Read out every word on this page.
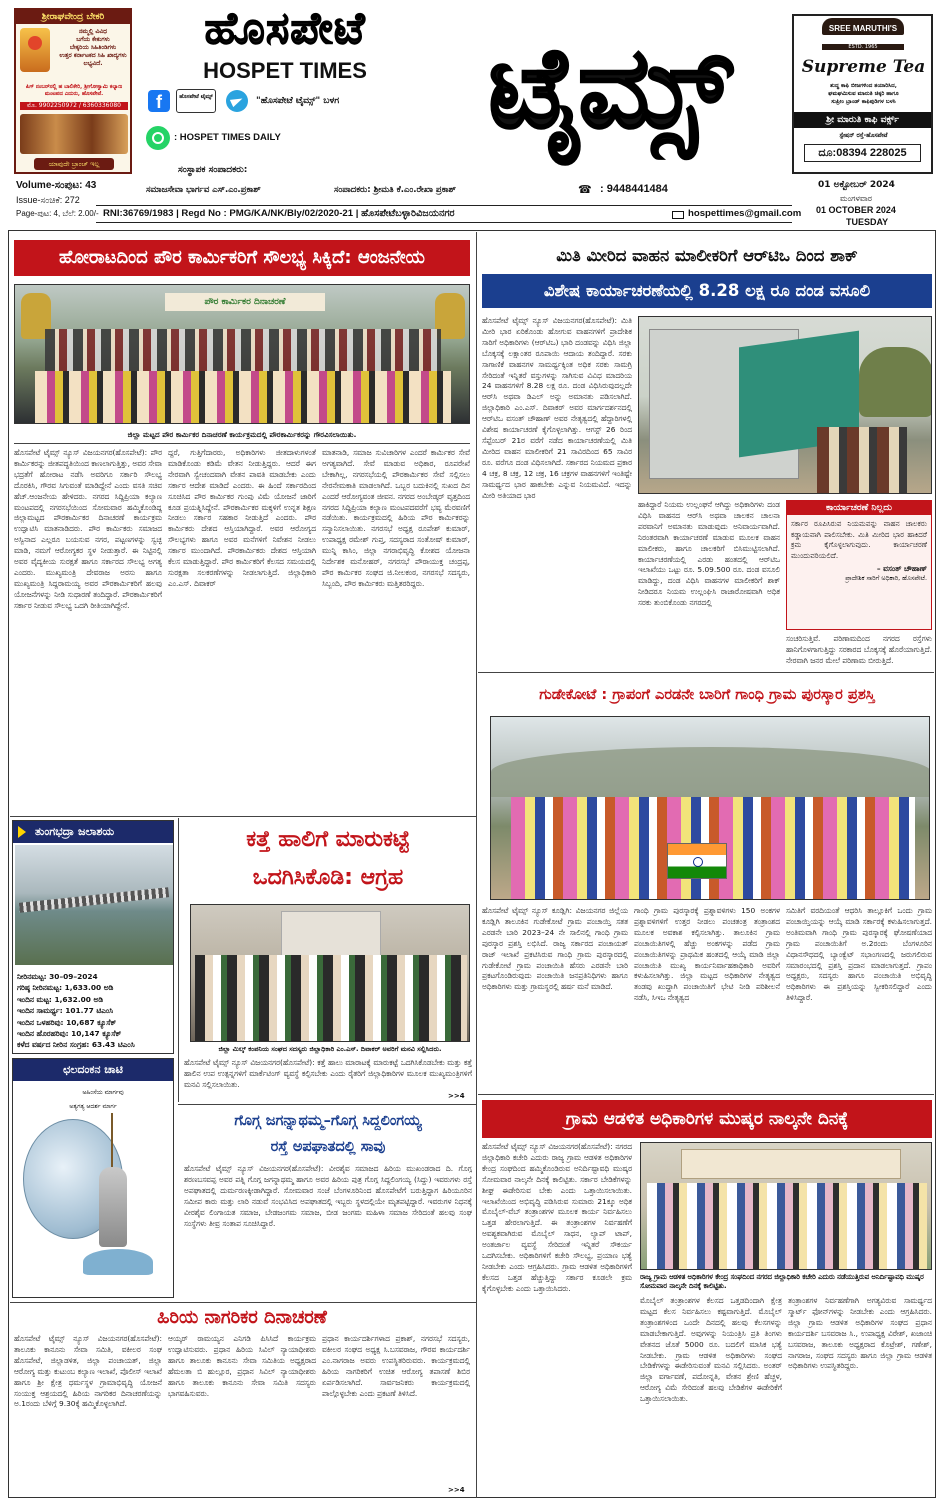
ಶ್ರೀರಾಘವೇಂದ್ರ ಬೇಕರಿ
ನಮ್ಮಲ್ಲಿ ವಿವಿಧ
ಬಗೆಯ ಕೇಕುಗಳು
ಬೇಕ್ಕರಿಯ ಸಿಹಿತಿಂಡಿಗಳು
ಉತ್ತರ ಕರ್ನಾಟಕದ ಸಿಹಿ ಖಾದ್ಯಗಳು ಲಭ್ಯವಿದೆ.
ಪಿಗ್ ನಂಬರ್‌ನಲ್ಲಿ ಹ ಬಾಲಿಕೇರಿ, ಶ್ರೀಗೋಸ್ವಾಮಿ ಕಲ್ಯಾಣ ಮಂಟಪದ ಎದುರು, ಹೊಸಪೇಟೆ.
ಮೊ. 9902250972 / 6360336080
ಯಾವುದೇ ಬ್ರಾಂಚ್ ಇಲ್ಲ
ಹೊಸಪೇಟೆ
HOSPET TIMES	ಟೈಮ್ಸ್
f	ಹೊಸಪೇಟೆ ಟೈಮ್ಸ್	"ಹೊಸಪೇಟೆ ಟೈಮ್ಸ್" ಬಳಗ
: HOSPET TIMES DAILY
ಸಂಸ್ಥಾಪಕ ಸಂಪಾದಕರು:
SREE MARUTHI'S
ESTD. 1965
Supreme Tea
ಶುದ್ಧ ಕಾಫಿ ಬೀಜಗಳಿಂದ ತಯಾರಿಸಿದ,
ಘಮಘಮಿಸುವ ಮಾರುತಿ ಚಿಕ್ಕರಿ ಹಾಗೂ
ಸುಪ್ರೀಂ ಬ್ರಾಂಡ್ ಕಾಫಿಪುಡಿಗಳ ಬಳಸಿ
ಶ್ರೀ ಮಾರುತಿ ಕಾಫಿ ವರ್ಕ್ಸ್
ಸ್ಟೇಷನ್ ರಸ್ತೆ-ಹೊಸಪೇಟೆ
ದೂ:08394 228025
Volume-ಸಂಪುಟ: 43
Issue-ಸಂಚಿಕೆ: 272
Page-ಪುಟ: 4, ಬೆಲೆ: 2.00/-
ಸಮಾಜಸೇವಾ ಭಾರ್ಗವ ಎಸ್.ಎಂ.ಪ್ರಕಾಶ್	ಸಂಪಾದಕರು: ಶ್ರೀಮತಿ ಕೆ.ಎಂ.ರೇಖಾ ಪ್ರಕಾಶ್	☎ : 9448441484	01 ಅಕ್ಟೋಬರ್ 2024
ಮಂಗಳವಾರ
RNI:36769/1983 | Regd No : PMG/KA/NK/Bly/02/2020-21 | ಹೊಸಪೇಟೆಬಳ್ಳಾರಿವಿಜಯನಗರ	hospettimes@gmail.com 01 OCTOBER 2024
TUESDAY
ಹೋರಾಟದಿಂದ ಪೌರ ಕಾರ್ಮಿಕರಿಗೆ ಸೌಲಭ್ಯ ಸಿಕ್ಕಿದೆ: ಆಂಜನೇಯ
ಪೌರ ಕಾರ್ಮಿಕರ ದಿನಾಚರಣೆ
ಜಿಲ್ಲಾ ಮಟ್ಟದ ಪೌರ ಕಾರ್ಮಿಕರ ದಿನಾಚರಣೆ ಕಾರ್ಯಕ್ರಮದಲ್ಲಿ ಪೌರಕಾರ್ಮಿಕರನ್ನು ಗೌರವಿಸಲಾಯಿತು.
ಹೊಸಪೇಟೆ ಟೈಮ್ಸ್ ನ್ಯೂಸ್ ವಿಜಯನಗರ(ಹೊಸಪೇಟೆ): ಪೌರ ಕಾರ್ಮಿಕರನ್ನು ಜೀತಪದ್ಧತಿಯಿಂದ ಕಾಣಲಾಗುತ್ತಿತ್ತು, ಅವರ ಸೇವಾ ಭದ್ರತೆಗೆ ಹೋರಾಟ ನಡೆಸಿ ಅವರಿಗೂ ಸರ್ಕಾರಿ ಸೌಲಭ್ಯ ದೊರಕಿಸಿ, ಗೌರವ ಸಿಗುವಂತೆ ಮಾಡಿದ್ದೇನೆ ಎಂದು ವಸತಿ ಸಚಿವ ಹೆಚ್.ಆಂಜನೇಯ ಹೇಳಿದರು. ನಗರದ ಸಿದ್ದಿಪ್ರಿಯಾ ಕಲ್ಯಾಣ ಮಂಟಪದಲ್ಲಿ ನಗರಸಭೆಯಿಂದ ಸೋಮವಾರ ಹಮ್ಮಿಕೊಂಡಿದ್ದ ಜಿಲ್ಲಾಮಟ್ಟದ ಪೌರಕಾರ್ಮಿಕರ ದಿನಾಚರಣೆ ಕಾರ್ಯಕ್ರಮ ಉದ್ಘಾಟಿಸಿ ಮಾತನಾಡಿದರು. ಪೌರ ಕಾರ್ಮಿಕರು ಸಮಾಜದ ಅಸ್ವಿನಾದ ಎಲ್ಲರೂ ಬಯಸುವ ನಗರ, ಪಟ್ಟಣಗಳನ್ನು ಸ್ವಚ್ಛ ಮಾಡಿ, ನಮಗೆ ಆರೋಗ್ಯಕರ ಸ್ಥಳ ನೀಡುತ್ತಾರೆ. ಈ ನಿಟ್ಟಿನಲ್ಲಿ ಅವರ ವೈದ್ಯಕೀಯ ಸುರಕ್ಷತೆ ಹಾಗೂ ಸರ್ಕಾರದ ಸೌಲಭ್ಯ ಅಗತ್ಯ ಎಂದರು. ಮುಖ್ಯಮಂತ್ರಿ ದೇವರಾಜ ಅರಸು ಹಾಗೂ ಮುಖ್ಯಮಂತ್ರಿ ಸಿದ್ದರಾಮಯ್ಯ ಅವರ ಪೌರಕಾರ್ಮಿಕರಿಗೆ ಹಲವು ಯೋಜನೆಗಳನ್ನು ನೀಡಿ ಸುಧಾರಣೆ ತಂದಿದ್ದಾರೆ. ಪೌರಕಾರ್ಮಿಕರಿಗೆ ಸರ್ಕಾರ ನೀಡುವ ಸೌಲಭ್ಯ ಒದಗಿ ರೀತಿಯಾಗಿದ್ದೇನೆ.
ದ್ದರೆ, ಗುತ್ತಿಗೆದಾರರು, ಅಧಿಕಾರಿಗಳು ಜೀತದಾಳುಗಳಂತೆ ಮಾಡಿಕೊಂಡು ಕಡಿಮೆ ವೇತನ ನೀಡುತ್ತಿದ್ದರು. ಆದರೆ ಈಗ ನೇರವಾಗಿ ಸ್ವೇಚಂದವಾಗಿ ವೇತನ ಪಾವತಿ ಮಾಡಬೇಕು ಎಂದು ಸರ್ಕಾರ ಆದೇಶ ಮಾಡಿದೆ ಎಂದರು. ಈ ಹಿಂದೆ ಸರ್ಕಾರದಿಂದ ಸೂಚಿಸಿದ ಪೌರ ಕಾರ್ಮಿಕರ ಗುಂಪು ವಿಮೆ ಯೋಜನೆ ಜಾರಿಗೆ ಕೂಡ ಪ್ರಯತ್ನಿಸಿದ್ದೇನೆ. ಪೌರಕಾರ್ಮಿಕರ ಮಕ್ಕಳಿಗೆ ಉನ್ನತ ಶಿಕ್ಷಣ ನೀಡಲು ಸರ್ಕಾರ ಸಹಕಾರ ನೀಡುತ್ತಿದೆ ಎಂದರು. ಪೌರ ಕಾರ್ಮಿಕರು ದೇಶದ ಆಸ್ತಿಯಾಗಿದ್ದಾರೆ. ಅವರ ಆರೋಗ್ಯದ ಸೌಲಭ್ಯಗಳು ಹಾಗೂ ಅವರ ಮನೆಗಳಿಗೆ ನಿವೇಶನ ನೀಡಲು ಸರ್ಕಾರ ಮುಂದಾಗಿದೆ. ಪೌರಕಾರ್ಮಿಕರು ದೇಶದ ಆಸ್ತಿಯಾಗಿ ಕೆಲಸ ಮಾಡುತ್ತಿದ್ದಾರೆ. ಪೌರ ಕಾರ್ಮಿಕರಿಗೆ ಕೆಲಸದ ಸಮಯದಲ್ಲಿ ಸುರಕ್ಷತಾ ಸಲಕರಣೆಗಳನ್ನು ನೀಡಲಾಗುತ್ತಿದೆ. ಜಿಲ್ಲಾಧಿಕಾರಿ ಎಂ.ಎಸ್. ದಿವಾಕರ್
ಮಾತನಾಡಿ, ಸಮಾಜ ಸುವಿಚಾರಿಗಳ ಎಂದರೆ ಕಾರ್ಮಿಕರ ಸೇವೆ ಅಗತ್ಯವಾಗಿದೆ. ಸೇವೆ ಮಾಡುವ ಅಧಿಕಾರ, ರೂಪರೇಖೆ ಬೇಕಾಗಿಲ್ಲ, ನಗರಸಭೆಯಲ್ಲಿ ಪೌರಕಾರ್ಮಿಕರ ಸೇವೆ ಸಲ್ಲಿಸಲು ನೇರನೇಮಕಾತಿ ಮಾಡಲಾಗಿದೆ. ಒಬ್ಬರ ಬದುಕಿನಲ್ಲಿ ಸುಖದ ದಿನ ಎಂದರೆ ಆರೋಗ್ಯವಂತ ಜೀವನ. ನಗರದ ಅಂಬೇಡ್ಕರ್ ವೃತ್ತದಿಂದ ನಗರದ ಸಿದ್ದಿಪ್ರಿಯಾ ಕಲ್ಯಾಣ ಮಂಟಪದವರೆಗೆ ಭವ್ಯ ಮೆರವಣಿಗೆ ನಡೆಯಿತು. ಕಾರ್ಯಕ್ರಮದಲ್ಲಿ ಹಿರಿಯ ಪೌರ ಕಾರ್ಮಿಕರನ್ನು ಸನ್ಮಾನಿಸಲಾಯಿತು. ನಗರಸಭೆ ಅಧ್ಯಕ್ಷ ರೂಪೇಶ್ ಕುಮಾರ್, ಉಪಾಧ್ಯಕ್ಷ ರಮೇಶ್ ಗುಪ್ತ, ಸದಸ್ಯರಾದ ಸಂತೋಷ್ ಕುಮಾರ್, ಮುನ್ನಿ ಕಾಸಿಂ, ಜಿಲ್ಲಾ ನಗರಾಭಿವೃದ್ಧಿ ಕೋಶದ ಯೋಜನಾ ನಿರ್ದೇಶಕ ಮನೋಹರ್, ನಗರಸಭೆ ಪೌರಾಯುಕ್ತ ಚಂದ್ರಪ್ಪ, ಪೌರ ಕಾರ್ಮಿಕರ ಸಂಘದ ಜಿ.ನೀಲಕಂಠ, ನಗರಸಭೆ ಸದಸ್ಯರು, ಸಿಬ್ಬಂದಿ, ಪೌರ ಕಾರ್ಮಿಕರು ಮತ್ತಿತರರಿದ್ದರು.
ಮಿತಿ ಮೀರಿದ ವಾಹನ ಮಾಲೀಕರಿಗೆ ಆರ್‌ಟಿಒ ದಿಂದ ಶಾಕ್
ವಿಶೇಷ ಕಾರ್ಯಾಚರಣೆಯಲ್ಲಿ 8.28 ಲಕ್ಷ ರೂ ದಂಡ ವಸೂಲಿ
ಹೊಸಪೇಟೆ ಟೈಮ್ಸ್ ನ್ಯೂಸ್ ವಿಜಯನಗರ(ಹೊಸಪೇಟೆ): ಮಿತಿ ಮೀರಿ ಭಾರ ಏರಿಕೊಂಡು ಹೋಗುವ ವಾಹನಗಳಿಗೆ ಪ್ರಾದೇಶಿಕ ಸಾರಿಗೆ ಅಧಿಕಾರಿಗಳು (ಆರ್‌ಟಿಒ) ಭಾರಿ ದಂಡವನ್ನು ವಿಧಿಸಿ ಜಿಲ್ಲಾ ಬೊಕ್ಕಸಕ್ಕೆ ಲಕ್ಷಾಂತರ ರೂಪಾಯಿ ಆದಾಯ ತಂದಿದ್ದಾರೆ. ಸರಕು ಸಾಗಾಣಿಕೆ ವಾಹನಗಳ ಸಾಮರ್ಥ್ಯಕ್ಕಿಂತ ಅಧಿಕ ಸರಕು ಸಾಮಗ್ರಿ ಸೇರಿದಂತೆ ಇನ್ನಿತರೆ ವಸ್ತುಗಳನ್ನು ಸಾಗಿಸುವ ವಿವಿಧ ಮಾದರಿಯ 24 ವಾಹನಗಳಿಗೆ 8.28 ಲಕ್ಷ ರೂ. ದಂಡ ವಿಧಿಸಿರುವುದಲ್ಲದೇ ಆರ್‌ಸಿ ಅಥವಾ ಡಿಎಲ್ ಅನ್ನು ಅಮಾನತು ಪಡಿಸಲಾಗಿದೆ. ಜಿಲ್ಲಾಧಿಕಾರಿ ಎಂ.ಎಸ್. ದಿವಾಕರ್ ಅವರ ಮಾರ್ಗದರ್ಶನದಲ್ಲಿ ಆರ್‌ಟಿಒ ವಸಂತ್ ಚೌಹಾಣ್ ಅವರ ನೇತೃತ್ವದಲ್ಲಿ ಹೆದ್ದಾರಿಗಳಲ್ಲಿ ವಿಶೇಷ ಕಾರ್ಯಾಚರಣೆ ಕೈಗೊಳ್ಳಲಾಗಿತ್ತು. ಆಗಸ್ಟ್ 26 ರಿಂದ ಸೆಪ್ಟೆಂಬರ್ 21ರ ವರೆಗೆ ನಡೆದ ಕಾರ್ಯಾಚರಣೆಯಲ್ಲಿ ಮಿತಿ ಮೀರಿದ ವಾಹನ ಮಾಲೀಕರಿಗೆ 21 ಸಾವಿರದಿಂದ 65 ಸಾವಿರ ರೂ. ವರೆಗೂ ದಂಡ ವಿಧಿಸಲಾಗಿದೆ. ಸರ್ಕಾರದ ನಿಯಮದ ಪ್ರಕಾರ 4 ಚಕ್ರ, 8 ಚಕ್ರ, 12 ಚಕ್ರ, 16 ಚಕ್ರಗಳ ವಾಹನಗಳಿಗೆ ಇಂತಿಷ್ಟೇ ಸಾಮರ್ಥ್ಯದ ಭಾರ ಹಾಕಬೇಕು ಎನ್ನುವ ನಿಯಮವಿದೆ. ಇದನ್ನು ಮೀರಿ ಅತಿಯಾದ ಭಾರ
ಹಾಕಿದ್ದಾರೆ ನಿಯಮ ಉಲ್ಲಂಘನೆ ಆಗಿದ್ದು ಅಧಿಕಾರಿಗಳು ದಂಡ ವಿಧಿಸಿ ವಾಹನದ ಆರ್‌ಸಿ ಅಥವಾ ಚಾಲಕನ ಚಾಲನಾ ಪರವಾನಿಗೆ ಅಮಾನತು ಮಾಡುವುದು ಅನಿವಾರ್ಯವಾಗಿದೆ. ನಿರಂತರವಾಗಿ ಕಾರ್ಯಾಚರಣೆ ಮಾಡುವ ಮೂಲಕ ವಾಹನ ಮಾಲೀಕರು, ಹಾಗೂ ಚಾಲಕರಿಗೆ ಬಿಸಿಮುಟ್ಟಿಸಲಾಗಿದೆ. ಕಾರ್ಯಾಚರಣೆಯಲ್ಲಿ ಎರಡು ಹಂತದಲ್ಲಿ ಆರ್‌ಟಿಒ ಇಲಾಖೆಯು ಒಟ್ಟು ರೂ. 5.09.500 ರೂ. ದಂಡ ವಸೂಲಿ ಮಾಡಿದ್ದು, ದಂಡ ವಿಧಿಸಿ ವಾಹನಗಳ ಮಾಲೀಕರಿಗೆ ಶಾಕ್ ನೀಡಿದರೂ ನಿಯಮ ಉಲ್ಲಂಘಿಸಿ ರಾಜಾರೋಷವಾಗಿ ಅಧಿಕ ಸರಕು ತುಂಬಿಕೊಂಡು ನಗರದಲ್ಲಿ
ಕಾರ್ಯಾಚರಣೆ ನಿಲ್ಲದು
ಸರ್ಕಾರ ರೂಪಿಸಿರುವ ನಿಯಮವನ್ನು ವಾಹನ ಚಾಲಕರು ಕಡ್ಡಾಯವಾಗಿ ಪಾಲಿಸಬೇಕು. ಮಿತಿ ಮೀರಿದ ಭಾರ ಹಾಕಿದರೆ ಕ್ರಮ ಕೈಗೊಳ್ಳಲಾಗುವುದು. ಕಾರ್ಯಾಚರಣೆ ಮುಂದುವರಿಯಲಿದೆ.
– ವಸಂತ್ ಚೌಹಾಣ್
ಪ್ರಾದೇಶಿಕ ಸಾರಿಗೆ ಅಧಿಕಾರಿ, ಹೊಸಪೇಟೆ.
ಸಂಚರಿಸುತ್ತಿವೆ. ಪರಿಣಾಮದಿಂದ ನಗರದ ರಸ್ತೆಗಳು ಹಾನಿಗೊಳಗಾಗುತ್ತಿದ್ದು ಸರಕಾರದ ಬೊಕ್ಕಸಕ್ಕೆ ಹೊರೆಯಾಗುತ್ತಿದೆ. ನೇರವಾಗಿ ಜನರ ಮೇಲೆ ಪರಿಣಾಮ ಬೀರುತ್ತಿದೆ.
ಗುಡೇಕೋಟೆ : ಗ್ರಾಪಂಗೆ ಎರಡನೇ ಬಾರಿಗೆ ಗಾಂಧಿ ಗ್ರಾಮ ಪುರಸ್ಕಾರ ಪ್ರಶಸ್ತಿ
ಹೊಸಪೇಟೆ ಟೈಮ್ಸ್ ನ್ಯೂಸ್ ಕೂಡ್ಲಿಗಿ: ವಿಜಯನಗರ ಜಿಲ್ಲೆಯ ಕೂಡ್ಲಿಗಿ ತಾಲೂಕಿನ ಗುಡೇಕೋಟೆ ಗ್ರಾಮ ಪಂಚಾಯ್ತಿ ಸತತ ಎರಡನೇ ಬಾರಿ 2023–24 ನೇ ಸಾಲಿನಲ್ಲಿ ಗಾಂಧಿ ಗ್ರಾಮ ಪುರಸ್ಕಾರ ಪ್ರಶಸ್ತಿ ಲಭಿಸಿದೆ. ರಾಜ್ಯ ಸರ್ಕಾರದ ಪಂಚಾಯತ್ ರಾಜ್ ಇಲಾಖೆ ಪ್ರಕಟಿಸಿರುವ ಗಾಂಧಿ ಗ್ರಾಮ ಪುರಸ್ಕಾರದಲ್ಲಿ ಗುಡೇಕೋಟೆ ಗ್ರಾಮ ಪಂಚಾಯಿತಿ ಹೆಸರು ಎರಡನೇ ಬಾರಿ ಪ್ರಕಟಗೊಂಡಿರುವುದು ಪಂಚಾಯಿತಿ ಜನಪ್ರತಿನಿಧಿಗಳು ಹಾಗೂ ಅಧಿಕಾರಿಗಳು ಮತ್ತು ಗ್ರಾಮಸ್ಥರಲ್ಲಿ ಹರ್ಷ ಮನೆ ಮಾಡಿದೆ.
ಗಾಂಧಿ ಗ್ರಾಮ ಪುರಸ್ಕಾರಕ್ಕೆ ಪ್ರಶ್ನಾವಳಿಗಳು 150 ಅಂಕಗಳ ಪ್ರಶ್ನಾವಳಿಗಳಿಗೆ ಉತ್ತರ ನೀಡಲು ಪಂಚತಂತ್ರ ತಂತ್ರಾಂಶದ ಮೂಲಕ ಅವಕಾಶ ಕಲ್ಪಿಸಲಾಗಿತ್ತು. ತಾಲೂಕಿನ ಗ್ರಾಮ ಪಂಚಾಯಿತಿಗಳಲ್ಲಿ ಹೆಚ್ಚು ಅಂಕಗಳನ್ನು ಪಡೆದ ಗ್ರಾಮ ಪಂಚಾಯಿತಿಗಳನ್ನು ಪ್ರಾಥಮಿಕ ಹಂತದಲ್ಲಿ ಆಯ್ಕೆ ಮಾಡಿ ಜಿಲ್ಲಾ ಪಂಚಾಯಿತಿ ಮುಖ್ಯ ಕಾರ್ಯನಿರ್ವಾಹಕಾಧಿಕಾರಿ ಅವರಿಗೆ ಕಳುಹಿಸಲಾಗಿತ್ತು. ಜಿಲ್ಲಾ ಮಟ್ಟದ ಅಧಿಕಾರಿಗಳ ನೇತೃತ್ವದ ತಂಡವು ಖುದ್ದಾಗಿ ಪಂಚಾಯಿತಿಗೆ ಭೇಟಿ ನೀಡಿ ಪರಿಶೀಲನೆ ನಡೆಸಿ, ಸಿಇಒ ನೇತೃತ್ವದ
ಸಮಿತಿಗೆ ವರದಿಯಂತೆ ಆಧರಿಸಿ ತಾಲ್ಲೂಕಿಗೆ ಒಂದು ಗ್ರಾಮ ಪಂಚಾಯ್ತಿಯನ್ನು ಆಯ್ಕೆ ಮಾಡಿ ಸರ್ಕಾರಕ್ಕೆ ಕಳುಹಿಸಲಾಗುತ್ತದೆ. ಅಂತಿಮವಾಗಿ ಗಾಂಧಿ ಗ್ರಾಮ ಪುರಸ್ಕಾರಕ್ಕೆ ಘೋಷಣೆಯಾದ ಗ್ರಾಮ ಪಂಚಾಯಿತಿಗೆ ಅ.2ರಂದು ಬೆಂಗಳೂರಿನ ವಿಧಾನಸೌಧದಲ್ಲಿ ಬ್ಯಾಂಕ್ವೆಟ್ ಸಭಾಂಗಣದಲ್ಲಿ ಜರುಗಲಿರುವ ಸಮಾರಂಭದಲ್ಲಿ ಪ್ರಶಸ್ತಿ ಪ್ರದಾನ ಮಾಡಲಾಗುತ್ತದೆ. ಗ್ರಾಪಂ ಅಧ್ಯಕ್ಷರು, ಸದಸ್ಯರು ಹಾಗೂ ಪಂಚಾಯಿತಿ ಅಭಿವೃದ್ಧಿ ಅಧಿಕಾರಿಗಳು ಈ ಪ್ರಶಸ್ತಿಯನ್ನು ಸ್ವೀಕರಿಸಲಿದ್ದಾರೆ ಎಂದು ತಿಳಿಸಿದ್ದಾರೆ.
ಗ್ರಾಮ ಆಡಳಿತ ಅಧಿಕಾರಿಗಳ ಮುಷ್ಕರ ನಾಲ್ಕನೇ ದಿನಕ್ಕೆ
ಹೊಸಪೇಟೆ ಟೈಮ್ಸ್ ನ್ಯೂಸ್ ವಿಜಯನಗರ(ಹೊಸಪೇಟೆ): ನಗರದ ಜಿಲ್ಲಾಧಿಕಾರಿ ಕಚೇರಿ ಎದುರು ರಾಜ್ಯ ಗ್ರಾಮ ಆಡಳಿತ ಅಧಿಕಾರಿಗಳ ಕೇಂದ್ರ ಸಂಘದಿಂದ ಹಮ್ಮಿಕೊಂಡಿರುವ ಅನಿರ್ದಿಷ್ಟಾವಧಿ ಮುಷ್ಕರ ಸೋಮವಾರ ನಾಲ್ಕನೇ ದಿನಕ್ಕೆ ಕಾಲಿಟ್ಟಿತು. ಸರ್ಕಾರ ಬೇಡಿಕೆಗಳನ್ನು ಶೀಘ್ರ ಈಡೇರಿಸುವ ಬೇಕು ಎಂದು ಒತ್ತಾಯಿಸಲಾಯಿತು. ಇಲಾಖೆಯಿಂದ ಅಭಿವೃದ್ಧಿ ಪಡಿಸಿರುವ ಸುಮಾರು 21ಕ್ಕೂ ಅಧಿಕ ಮೊಬೈಲ್-ವೆಬ್ ತಂತ್ರಾಂಶಗಳ ಮೂಲಕ ಕಾರ್ಯ ನಿರ್ವಹಿಸಲು ಒತ್ತಡ ಹೇರಲಾಗುತ್ತಿದೆ. ಈ ತಂತ್ರಾಂಶಗಳ ನಿರ್ವಹಣೆಗೆ ಅವಶ್ಯಕವಾಗಿರುವ ಮೊಬೈಲ್ ಸಾಧನ, ಲ್ಯಾಪ್ ಟಾಪ್, ಅಂತರ್ಜಾಲ ವ್ಯವಸ್ಥೆ ಸೇರಿದಂತೆ ಇನ್ನಿತರೆ ಸೌಕರ್ಯ ಒದಗಿಸಬೇಕು. ಅಧಿಕಾರಿಗಳಿಗೆ ಕಚೇರಿ ಸೌಲಭ್ಯ, ಪ್ರಯಾಣ ಭತ್ಯೆ ನೀಡಬೇಕು ಎಂದು ಆಗ್ರಹಿಸಿದರು. ಗ್ರಾಮ ಆಡಳಿತ ಅಧಿಕಾರಿಗಳಿಗೆ ಕೆಲಸದ ಒತ್ತಡ ಹೆಚ್ಚುತ್ತಿದ್ದು ಸರ್ಕಾರ ಕೂಡಲೇ ಕ್ರಮ ಕೈಗೊಳ್ಳಬೇಕು ಎಂದು ಒತ್ತಾಯಿಸಿದರು.
ರಾಜ್ಯ ಗ್ರಾಮ ಆಡಳಿತ ಅಧಿಕಾರಿಗಳ ಕೇಂದ್ರ ಸಂಘದಿಂದ ನಗರದ ಜಿಲ್ಲಾಧಿಕಾರಿ ಕಚೇರಿ ಎದುರು ನಡೆಯುತ್ತಿರುವ ಅನಿರ್ದಿಷ್ಟಾವಧಿ ಮುಷ್ಕರ ಸೋಮವಾರ ನಾಲ್ಕನೇ ದಿನಕ್ಕೆ ಕಾಲಿಟ್ಟಿತು.
ಮೊಬೈಲ್ ತಂತ್ರಾಂಶಗಳ ಕೆಲಸದ ಒತ್ತಡದಿಂದಾಗಿ ಕ್ಷೇತ್ರ ಮಟ್ಟದ ಕೆಲಸ ನಿರ್ವಹಿಸಲು ಕಷ್ಟವಾಗುತ್ತಿದೆ. ಮೊಬೈಲ್ ತಂತ್ರಾಂಶಗಳಿಂದ ಒಂದೇ ದಿನದಲ್ಲಿ ಹಲವು ಕೆಲಸಗಳನ್ನು ಮಾಡಬೇಕಾಗುತ್ತಿದೆ. ಅವುಗಳನ್ನು ನಿಯಂತ್ರಿಸಿ ಪ್ರತಿ ತಿಂಗಳು ವೇತನದ ಜೊತೆ 5000 ರೂ. ಬದಲಿಗೆ ಮಾಸಿಕ ಭತ್ಯೆ ನೀಡಬೇಕು. ಗ್ರಾಮ ಆಡಳಿತ ಅಧಿಕಾರಿಗಳು ಸಂಘದ ಬೇಡಿಕೆಗಳನ್ನು ಈಡೇರಿಸುವಂತೆ ಮನವಿ ಸಲ್ಲಿಸಿದರು. ಅಂತರ್ ಜಿಲ್ಲಾ ವರ್ಗಾವಣೆ, ಪದೋನ್ನತಿ, ವೇತನ ಶ್ರೇಣಿ ಹೆಚ್ಚಳ, ಆರೋಗ್ಯ ವಿಮೆ ಸೇರಿದಂತೆ ಹಲವು ಬೇಡಿಕೆಗಳ ಈಡೇರಿಕೆಗೆ ಒತ್ತಾಯಿಸಲಾಯಿತು.
ತಂತ್ರಾಂಶಗಳ ನಿರ್ವಹಣೆಗಾಗಿ ಅಗತ್ಯವಿರುವ ಸಾಮರ್ಥ್ಯದ ಸ್ಮಾರ್ಟ್ ಫೋನ್‌ಗಳನ್ನು ನೀಡಬೇಕು ಎಂದು ಆಗ್ರಹಿಸಿದರು. ಜಿಲ್ಲಾ ಗ್ರಾಮ ಆಡಳಿತ ಅಧಿಕಾರಿಗಳ ಸಂಘದ ಪ್ರಧಾನ ಕಾರ್ಯದರ್ಶಿ ಬಸವರಾಜ ಸಿ., ಉಪಾಧ್ಯಕ್ಷ ವಿರೇಶ್, ಖಜಾಂಚಿ ಬಸವರಾಜ, ತಾಲೂಕು ಅಧ್ಯಕ್ಷರಾದ ಕೊಟ್ರೇಶ್, ಗಣೇಶ್, ನಾಗರಾಜ, ಸಂಘದ ಸದಸ್ಯರು ಹಾಗೂ ಜಿಲ್ಲಾ ಗ್ರಾಮ ಆಡಳಿತ ಅಧಿಕಾರಿಗಳು ಉಪಸ್ಥಿತರಿದ್ದರು.
ತುಂಗಭದ್ರಾ ಜಲಾಶಯ
ನೀರಿನಮಟ್ಟ: 30–09–2024
ಗರಿಷ್ಠ ನೀರಿನಮಟ್ಟ: 1,633.00 ಅಡಿ
ಇಂದಿನ ಮಟ್ಟ: 1,632.00 ಅಡಿ
ಇಂದಿನ ಸಾಮರ್ಥ್ಯ: 101.77 ಟಿಎಂಸಿ
ಇಂದಿನ ಒಳಹರಿವು: 10,687 ಕ್ಯೂಸೆಕ್
ಇಂದಿನ ಹೊರಹರಿವು: 10,147 ಕ್ಯೂಸೆಕ್
ಕಳೆದ ವರ್ಷದ ನೀರಿನ ಸಂಗ್ರಹ: 63.43 ಟಿಎಂಸಿ
ಛಲದಂಕನ ಚಾಟಿ
ಅಹಿಂಸೆಯ ಮಾರ್ಗವು
ಅತ್ಯಗತ್ಯ ಆದರ್ಶ ಮಾರ್ಗ
ಕತ್ತೆ ಹಾಲಿಗೆ ಮಾರುಕಟ್ಟೆ
ಒದಗಿಸಿಕೊಡಿ: ಆಗ್ರಹ
ಜಿಲ್ಲಾ ಮಿಲ್ಕ್ ಕಂಪನಿಯ ಸಂಘದ ಸದಸ್ಯರು ಜಿಲ್ಲಾಧಿಕಾರಿ ಎಂ.ಎಸ್. ದಿವಾಕರ್ ಅವರಿಗೆ ಮನವಿ ಸಲ್ಲಿಸಿದರು.
ಹೊಸಪೇಟೆ ಟೈಮ್ಸ್ ನ್ಯೂಸ್ ವಿಜಯನಗರ(ಹೊಸಪೇಟೆ): ಕತ್ತೆ ಹಾಲು ಮಾರಾಟಕ್ಕೆ ಮಾರುಕಟ್ಟೆ ಒದಗಿಸಿಕೊಡಬೇಕು ಮತ್ತು ಕತ್ತೆ ಹಾಲಿನ ಉಪ ಉತ್ಪನ್ನಗಳಿಗೆ ಮಾರ್ಕೆಟಿಂಗ್ ವ್ಯವಸ್ಥೆ ಕಲ್ಪಿಸಬೇಕು ಎಂದು ರೈತರಿಗೆ ಜಿಲ್ಲಾಧಿಕಾರಿಗಳ ಮೂಲಕ ಮುಖ್ಯಮಂತ್ರಿಗಳಿಗೆ ಮನವಿ ಸಲ್ಲಿಸಲಾಯಿತು.
>>4
ಗೊಗ್ಗ ಜಗನ್ನಾಥಮ್ಮ–ಗೊಗ್ಗ ಸಿದ್ದಲಿಂಗಯ್ಯ
ರಸ್ತೆ ಅಪಘಾತದಲ್ಲಿ ಸಾವು
ಹೊಸಪೇಟೆ ಟೈಮ್ಸ್ ನ್ಯೂಸ್ ವಿಜಯನಗರ(ಹೊಸಪೇಟೆ): ವೀರಶೈವ ಸಮಾಜದ ಹಿರಿಯ ಮುಖಂಡರಾದ ದಿ. ಗೊಗ್ಗ ಶರಣಬಸವಪ್ಪ ಅವರ ಪತ್ನಿ ಗೊಗ್ಗ ಜಗನ್ನಾಥಮ್ಮ ಹಾಗೂ ಅವರ ಹಿರಿಯ ಪುತ್ರ ಗೊಗ್ಗ ಸಿದ್ದಲಿಂಗಯ್ಯ (ಸಿದ್ದು) ಇವರುಗಳು ರಸ್ತೆ ಅಪಘಾತದಲ್ಲಿ ದುರ್ಮರಣಕ್ಕೀಡಾಗಿದ್ದಾರೆ. ಸೋಮವಾರ ಸಂಜೆ ಬೆಂಗಳೂರಿನಿಂದ ಹೊಸಪೇಟೆಗೆ ಬರುತ್ತಿದ್ದಾಗ ಹಿರಿಯೂರಿನ ಸಮೀಪ ಕಾರು ಮತ್ತು ಲಾರಿ ನಡುವೆ ಸಂಭವಿಸಿದ ಅಪಘಾತದಲ್ಲಿ ಇಬ್ಬರು ಸ್ಥಳದಲ್ಲಿಯೇ ಮೃತಪಟ್ಟಿದ್ದಾರೆ. ಇವರುಗಳ ನಿಧನಕ್ಕೆ ವೀರಶೈವ ಲಿಂಗಾಯತ ಸಮಾಜ, ಬೇಡಜಂಗಮ ಸಮಾಜ, ಬೀಡ ಜಂಗಮ ಮಹಿಳಾ ಸಮಾಜ ಸೇರಿದಂತೆ ಹಲವು ಸಂಘ ಸಂಸ್ಥೆಗಳು ತೀವ್ರ ಸಂತಾಪ ಸೂಚಿಸಿದ್ದಾರೆ.
ಹಿರಿಯ ನಾಗರಿಕರ ದಿನಾಚರಣೆ
ಹೊಸಪೇಟೆ ಟೈಮ್ಸ್ ನ್ಯೂಸ್ ವಿಜಯನಗರ(ಹೊಸಪೇಟೆ): ತಾಲೂಕು ಕಾನೂನು ಸೇವಾ ಸಮಿತಿ, ವಕೀಲರ ಸಂಘ ಹೊಸಪೇಟೆ, ಜಿಲ್ಲಾಡಳಿತ, ಜಿಲ್ಲಾ ಪಂಚಾಯತ್, ಜಿಲ್ಲಾ ಆರೋಗ್ಯ ಮತ್ತು ಕುಟುಂಬ ಕಲ್ಯಾಣ ಇಲಾಖೆ, ಪೊಲೀಸ್ ಇಲಾಖೆ ಹಾಗೂ ಶ್ರೀ ಕ್ಷೇತ್ರ ಧರ್ಮಸ್ಥಳ ಗ್ರಾಮಾಭಿವೃದ್ಧಿ ಯೋಜನೆ ಸಂಯುಕ್ತ ಆಶ್ರಯದಲ್ಲಿ ಹಿರಿಯ ನಾಗರಿಕರ ದಿನಾಚರಣೆಯನ್ನು ಅ.1ರಂದು ಬೆಳಿಗ್ಗೆ 9.30ಕ್ಕೆ ಹಮ್ಮಿಕೊಳ್ಳಲಾಗಿದೆ.
ಆಯ್ಕರ್ ರಾಮಯ್ಯನ ಎನಿಗಡಿ ಪಿಸಿಸಿದೆ ಕಾರ್ಯಕ್ರಮ ಉದ್ಘಾಟಿಸುವರು. ಪ್ರಧಾನ ಹಿರಿಯ ಸಿವಿಲ್ ನ್ಯಾಯಾಧೀಶರು ಹಾಗೂ ತಾಲೂಕು ಕಾನೂನು ಸೇವಾ ಸಮಿತಿಯ ಅಧ್ಯಕ್ಷರಾದ ಹೆಮಲತಾ ಬಿ ಹುಲ್ಲೂರ, ಪ್ರಧಾನ ಸಿವಿಲ್ ನ್ಯಾಯಾಧೀಶರು ಹಾಗೂ ತಾಲೂಕು ಕಾನೂನು ಸೇವಾ ಸಮಿತಿ ಸದಸ್ಯರು ಭಾಗವಹಿಸುವರು.
ಪ್ರಧಾನ ಕಾರ್ಯದರ್ಶಿಗಳಾದ ಪ್ರಕಾಶ್, ನಗರಸಭೆ ಸದಸ್ಯರು, ವಕೀಲರ ಸಂಘದ ಅಧ್ಯಕ್ಷ ಸಿ.ಬಸವರಾಜ, ಗೌರವ ಕಾರ್ಯದರ್ಶಿ ಎಂ.ನಾಗರಾಜ ಅವರು ಉಪಸ್ಥಿತರಿರುವರು. ಕಾರ್ಯಕ್ರಮದಲ್ಲಿ ಹಿರಿಯ ನಾಗರಿಕರಿಗೆ ಉಚಿತ ಆರೋಗ್ಯ ತಪಾಸಣೆ ಶಿಬಿರ ಏರ್ಪಡಿಸಲಾಗಿದೆ. ಸಾರ್ವಜನಿಕರು ಕಾರ್ಯಕ್ರಮದಲ್ಲಿ ಪಾಲ್ಗೊಳ್ಳಬೇಕು ಎಂದು ಪ್ರಕಟಣೆ ತಿಳಿಸಿದೆ.
>>4
